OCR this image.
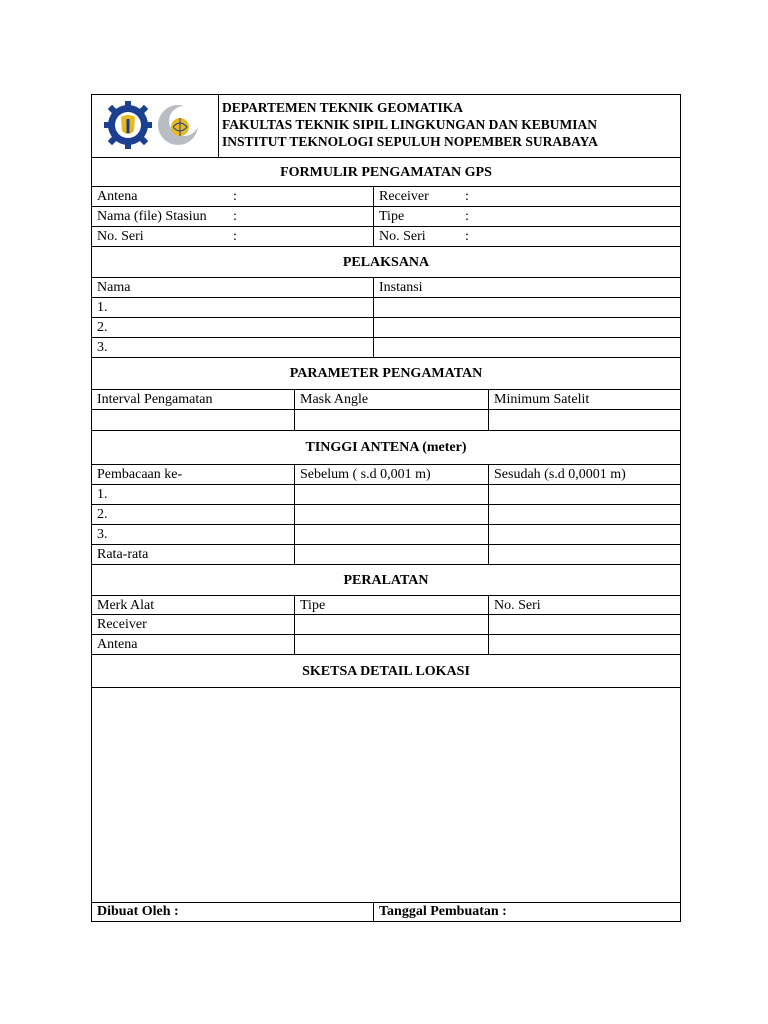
DEPARTEMEN TEKNIK GEOMATIKA
FAKULTAS TEKNIK SIPIL LINGKUNGAN DAN KEBUMIAN
INSTITUT TEKNOLOGI SEPULUH NOPEMBER SURABAYA
FORMULIR PENGAMATAN GPS
Antena	:	Receiver	:
Nama (file) Stasiun	:	Tipe	:
No. Seri	:	No. Seri	:
PELAKSANA
Nama	Instansi
1.
2.
3.
PARAMETER PENGAMATAN
Interval Pengamatan	Mask Angle	Minimum Satelit
TINGGI ANTENA (meter)
Pembacaan ke-	Sebelum ( s.d 0,001 m)	Sesudah (s.d 0,0001 m)
1.
2.
3.
Rata-rata
PERALATAN
Merk Alat	Tipe	No. Seri
Receiver
Antena
SKETSA DETAIL LOKASI
Dibuat Oleh :	Tanggal Pembuatan :
